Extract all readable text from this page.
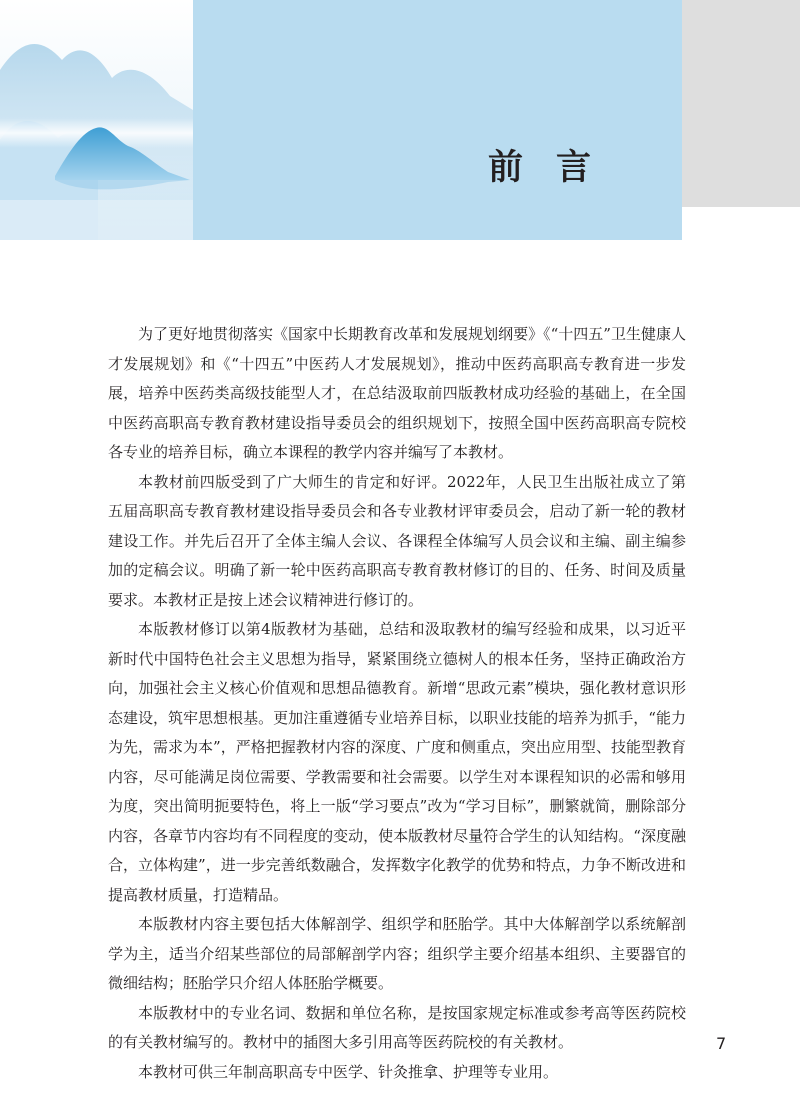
前言

为了更好地贯彻落实《国家中长期教育改革和发展规划纲要》《“十四五”卫生健康人才发展规划》和《“十四五”中医药人才发展规划》，推动中医药高职高专教育进一步发展，培养中医药类高级技能型人才，在总结汲取前四版教材成功经验的基础上，在全国中医药高职高专教育教材建设指导委员会的组织规划下，按照全国中医药高职高专院校各专业的培养目标，确立本课程的教学内容并编写了本教材。

本教材前四版受到了广大师生的肯定和好评。2022年，人民卫生出版社成立了第五届高职高专教育教材建设指导委员会和各专业教材评审委员会，启动了新一轮的教材建设工作。并先后召开了全体主编人会议、各课程全体编写人员会议和主编、副主编参加的定稿会议。明确了新一轮中医药高职高专教育教材修订的目的、任务、时间及质量要求。本教材正是按上述会议精神进行修订的。

本版教材修订以第4版教材为基础，总结和汲取教材的编写经验和成果，以习近平新时代中国特色社会主义思想为指导，紧紧围绕立德树人的根本任务，坚持正确政治方向，加强社会主义核心价值观和思想品德教育。新增“思政元素”模块，强化教材意识形态建设，筑牢思想根基。更加注重遵循专业培养目标，以职业技能的培养为抓手，“能力为先，需求为本”，严格把握教材内容的深度、广度和侧重点，突出应用型、技能型教育内容，尽可能满足岗位需要、学教需要和社会需要。以学生对本课程知识的必需和够用为度，突出简明扼要特色，将上一版“学习要点”改为“学习目标”，删繁就简，删除部分内容，各章节内容均有不同程度的变动，使本版教材尽量符合学生的认知结构。“深度融合，立体构建”，进一步完善纸数融合，发挥数字化教学的优势和特点，力争不断改进和提高教材质量，打造精品。

本版教材内容主要包括大体解剖学、组织学和胚胎学。其中大体解剖学以系统解剖学为主，适当介绍某些部位的局部解剖学内容；组织学主要介绍基本组织、主要器官的微细结构；胚胎学只介绍人体胚胎学概要。

本版教材中的专业名词、数据和单位名称，是按国家规定标准或参考高等医药院校的有关教材编写的。教材中的插图大多引用高等医药院校的有关教材。

本教材可供三年制高职高专中医学、针灸推拿、护理等专业用。

7
